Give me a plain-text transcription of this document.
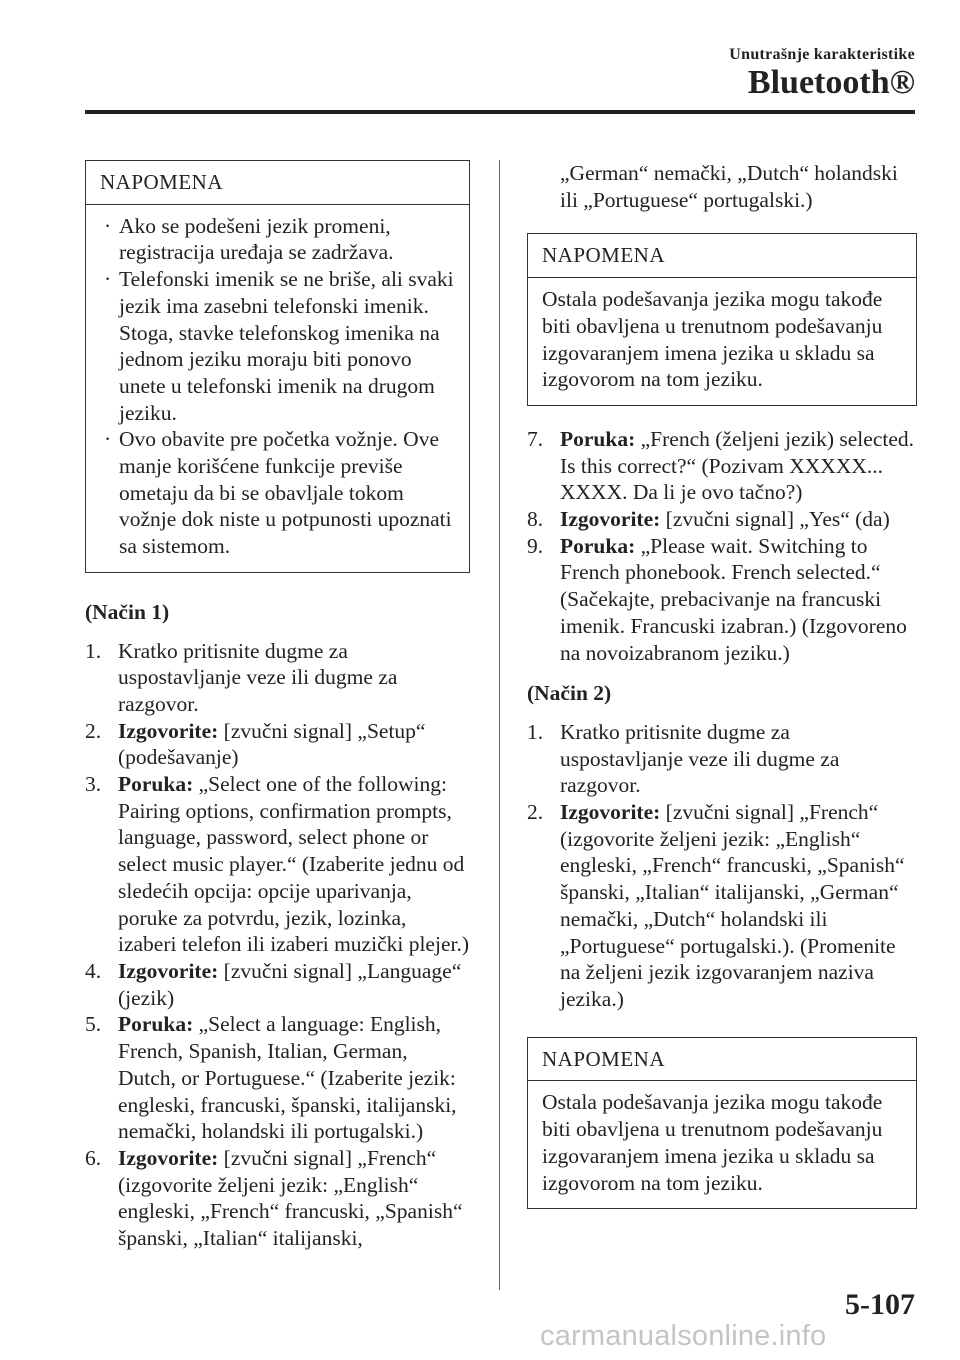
Unutrašnje karakteristike
Bluetooth®
NAPOMENA
· Ako se podešeni jezik promeni, registracija uređaja se zadržava.
· Telefonski imenik se ne briše, ali svaki jezik ima zasebni telefonski imenik. Stoga, stavke telefonskog imenika na jednom jeziku moraju biti ponovo unete u telefonski imenik na drugom jeziku.
· Ovo obavite pre početka vožnje. Ove manje korišćene funkcije previše ometaju da bi se obavljale tokom vožnje dok niste u potpunosti upoznati sa sistemom.
(Način 1)
1. Kratko pritisnite dugme za uspostavljanje veze ili dugme za razgovor.
2. Izgovorite: [zvučni signal] „Setup“ (podešavanje)
3. Poruka: „Select one of the following: Pairing options, confirmation prompts, language, password, select phone or select music player.“ (Izaberite jednu od sledećih opcija: opcije uparivanja, poruke za potvrdu, jezik, lozinka, izaberi telefon ili izaberi muzički plejer.)
4. Izgovorite: [zvučni signal] „Language“ (jezik)
5. Poruka: „Select a language: English, French, Spanish, Italian, German, Dutch, or Portuguese.“ (Izaberite jezik: engleski, francuski, španski, italijanski, nemački, holandski ili portugalski.)
6. Izgovorite: [zvučni signal] „French“ (izgovorite željeni jezik: „English“ engleski, „French“ francuski, „Spanish“ španski, „Italian“ italijanski,
„German“ nemački, „Dutch“ holandski ili „Portuguese“ portugalski.)
NAPOMENA
Ostala podešavanja jezika mogu takođe biti obavljena u trenutnom podešavanju izgovaranjem imena jezika u skladu sa izgovorom na tom jeziku.
7. Poruka: „French (željeni jezik) selected. Is this correct?“ (Pozivam XXXXX... XXXX. Da li je ovo tačno?)
8. Izgovorite: [zvučni signal] „Yes“ (da)
9. Poruka: „Please wait. Switching to French phonebook. French selected.“ (Sačekajte, prebacivanje na francuski imenik. Francuski izabran.) (Izgovoreno na novoizabranom jeziku.)
(Način 2)
1. Kratko pritisnite dugme za uspostavljanje veze ili dugme za razgovor.
2. Izgovorite: [zvučni signal] „French“ (izgovorite željeni jezik: „English“ engleski, „French“ francuski, „Spanish“ španski, „Italian“ italijanski, „German“ nemački, „Dutch“ holandski ili „Portuguese“ portugalski.). (Promenite na željeni jezik izgovaranjem naziva jezika.)
NAPOMENA
Ostala podešavanja jezika mogu takođe biti obavljena u trenutnom podešavanju izgovaranjem imena jezika u skladu sa izgovorom na tom jeziku.
5-107
carmanualsonline.info
